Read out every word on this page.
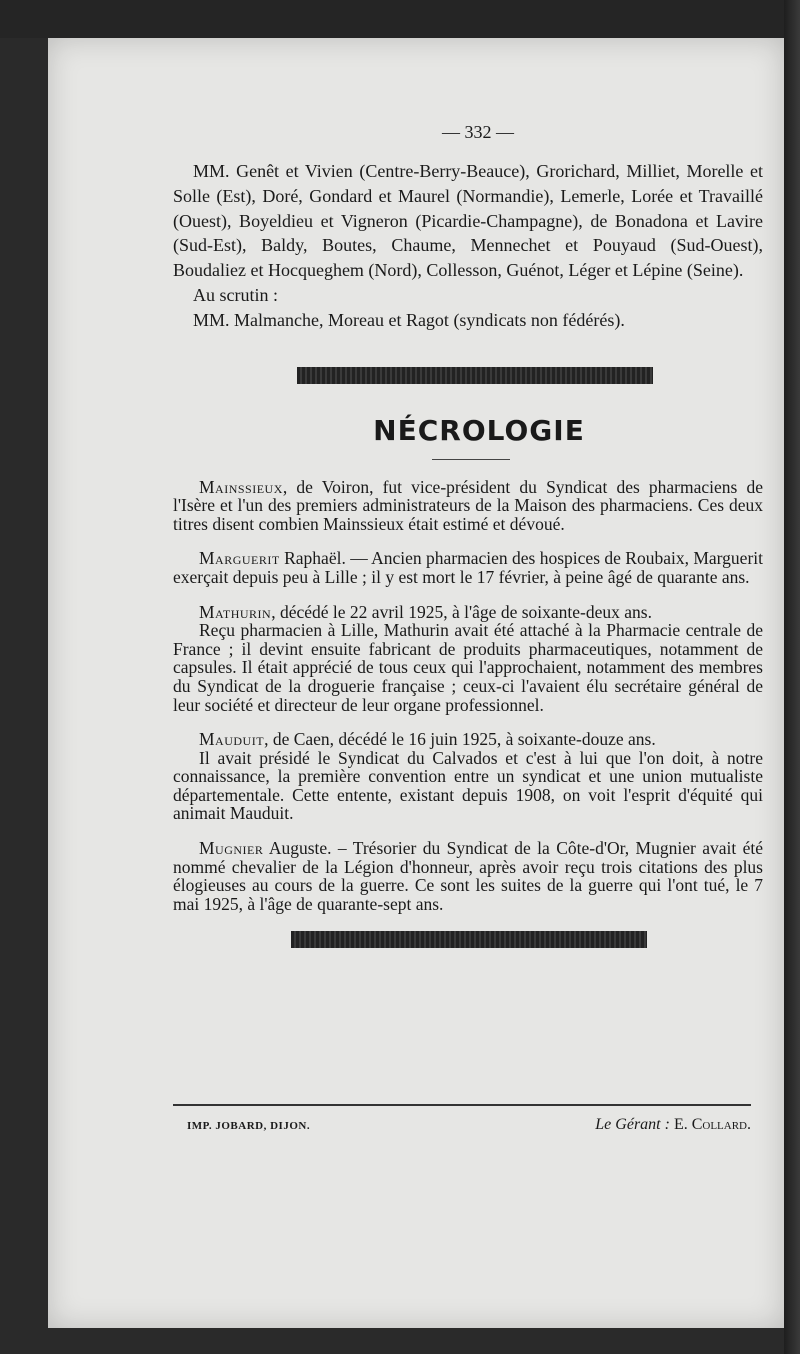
— 332 —

MM. Genêt et Vivien (Centre-Berry-Beauce), Grorichard, Milliet, Morelle et Solle (Est), Doré, Gondard et Maurel (Normandie), Lemerle, Lorée et Travaillé (Ouest), Boyeldieu et Vigneron (Picardie-Champagne), de Bonadona et Lavire (Sud-Est), Baldy, Boutes, Chaume, Mennechet et Pouyaud (Sud-Ouest), Boudaliez et Hocqueghem (Nord), Collesson, Guénot, Léger et Lépine (Seine).

Au scrutin :

MM. Malmanche, Moreau et Ragot (syndicats non fédérés).

NÉCROLOGIE

Mainssieux, de Voiron, fut vice-président du Syndicat des pharmaciens de l'Isère et l'un des premiers administrateurs de la Maison des pharmaciens. Ces deux titres disent combien Mainssieux était estimé et dévoué.

Marguerit Raphaël. — Ancien pharmacien des hospices de Roubaix, Marguerit exerçait depuis peu à Lille ; il y est mort le 17 février, à peine âgé de quarante ans.

Mathurin, décédé le 22 avril 1925, à l'âge de soixante-deux ans.

Reçu pharmacien à Lille, Mathurin avait été attaché à la Pharmacie centrale de France ; il devint ensuite fabricant de produits pharmaceutiques, notamment de capsules. Il était apprécié de tous ceux qui l'approchaient, notamment des membres du Syndicat de la droguerie française ; ceux-ci l'avaient élu secrétaire général de leur société et directeur de leur organe professionnel.

Mauduit, de Caen, décédé le 16 juin 1925, à soixante-douze ans.

Il avait présidé le Syndicat du Calvados et c'est à lui que l'on doit, à notre connaissance, la première convention entre un syndicat et une union mutualiste départementale. Cette entente, existant depuis 1908, on voit l'esprit d'équité qui animait Mauduit.

Mugnier Auguste. – Trésorier du Syndicat de la Côte-d'Or, Mugnier avait été nommé chevalier de la Légion d'honneur, après avoir reçu trois citations des plus élogieuses au cours de la guerre. Ce sont les suites de la guerre qui l'ont tué, le 7 mai 1925, à l'âge de quarante-sept ans.

IMP. JOBARD, DIJON.	Le Gérant : E. Collard.
